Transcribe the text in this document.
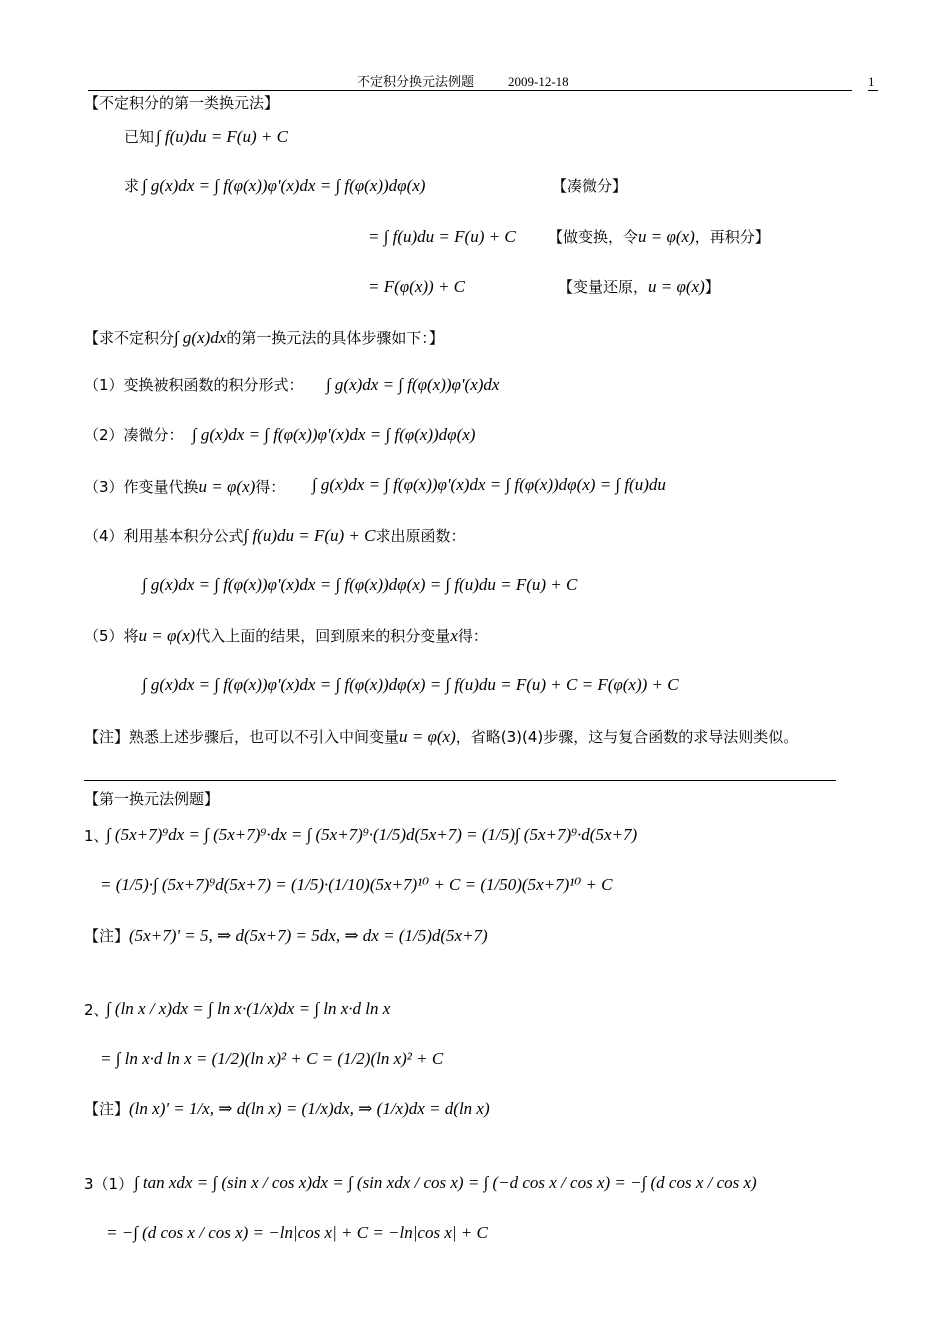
不定积分换元法例题	2009-12-18	1
【不定积分的第一类换元法】
已知 ∫ f(u)du = F(u) + C
求 ∫ g(x)dx = ∫ f(φ(x))φ'(x)dx = ∫ f(φ(x))dφ(x)	【凑微分】
= ∫ f(u)du = F(u) + C 【做变换，令u = φ(x)，再积分】
= F(φ(x)) + C	【变量还原，u = φ(x)】
【求不定积分∫ g(x)dx的第一换元法的具体步骤如下：】
（1）变换被积函数的积分形式： ∫ g(x)dx = ∫ f(φ(x))φ'(x)dx
（2）凑微分： ∫ g(x)dx = ∫ f(φ(x))φ'(x)dx = ∫ f(φ(x))dφ(x)
（3）作变量代换u = φ(x)得： ∫ g(x)dx = ∫ f(φ(x))φ'(x)dx = ∫ f(φ(x))dφ(x) = ∫ f(u)du
（4）利用基本积分公式∫ f(u)du = F(u) + C求出原函数：
∫ g(x)dx = ∫ f(φ(x))φ'(x)dx = ∫ f(φ(x))dφ(x) = ∫ f(u)du = F(u) + C
（5）将u = φ(x)代入上面的结果，回到原来的积分变量x得：
∫ g(x)dx = ∫ f(φ(x))φ'(x)dx = ∫ f(φ(x))dφ(x) = ∫ f(u)du = F(u) + C = F(φ(x)) + C
【注】熟悉上述步骤后，也可以不引入中间变量u = φ(x)，省略(3)(4)步骤，这与复合函数的求导法则类似。
【第一换元法例题】
1、
∫ (5x+7)⁹dx = ∫ (5x+7)⁹·dx = ∫ (5x+7)⁹·(1/5)d(5x+7) = (1/5)∫ (5x+7)⁹·d(5x+7)
= (1/5)·∫ (5x+7)⁹d(5x+7) = (1/5)·(1/10)(5x+7)¹⁰ + C = (1/50)(5x+7)¹⁰ + C
【注】(5x+7)' = 5, ⇒ d(5x+7) = 5dx, ⇒ dx = (1/5)d(5x+7)
2、
∫ (ln x / x)dx = ∫ ln x·(1/x)dx = ∫ ln x·d ln x
= ∫ ln x·d ln x = (1/2)(ln x)² + C = (1/2)(ln x)² + C
【注】(ln x)' = 1/x, ⇒ d(ln x) = (1/x)dx, ⇒ (1/x)dx = d(ln x)
3（1） ∫ tan xdx = ∫ (sin x / cos x)dx = ∫ (sin xdx / cos x) = ∫ (−d cos x / cos x) = −∫ (d cos x / cos x)
= −∫ (d cos x / cos x) = −ln|cos x| + C = −ln|cos x| + C
